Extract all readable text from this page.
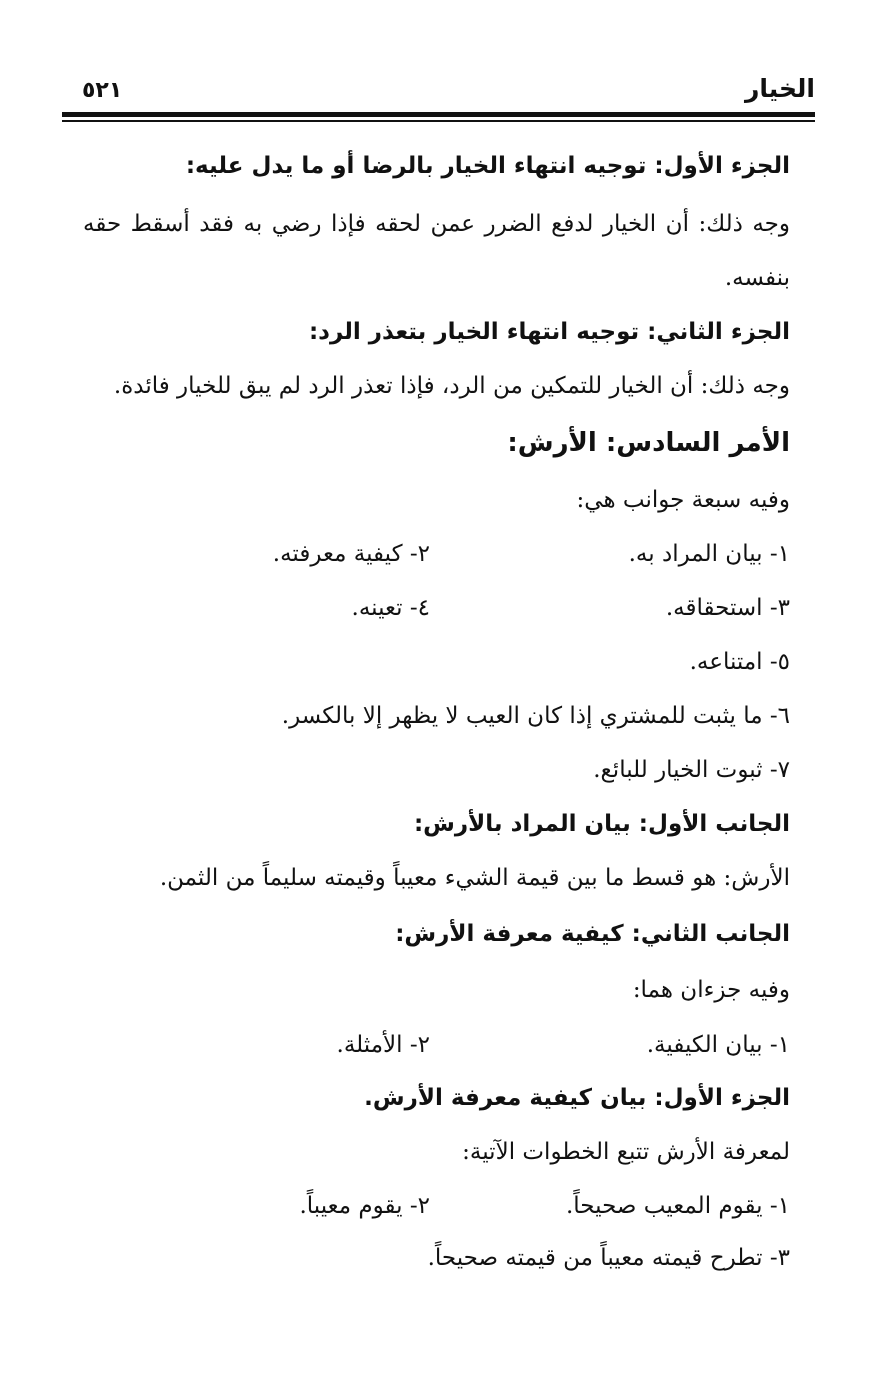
الخيار
٥٢١
الجزء الأول: توجيه انتهاء الخيار بالرضا أو ما يدل عليه:
وجه ذلك: أن الخيار لدفع الضرر عمن لحقه فإذا رضي به فقد أسقط حقه
بنفسه.
الجزء الثاني: توجيه انتهاء الخيار بتعذر الرد:
وجه ذلك: أن الخيار للتمكين من الرد، فإذا تعذر الرد لم يبق للخيار فائدة.
الأمر السادس: الأرش:
وفيه سبعة جوانب هي:
١- بيان المراد به.
٢- كيفية معرفته.
٣- استحقاقه.
٤- تعينه.
٥- امتناعه.
٦- ما يثبت للمشتري إذا كان العيب لا يظهر إلا بالكسر.
٧- ثبوت الخيار للبائع.
الجانب الأول: بيان المراد بالأرش:
الأرش: هو قسط ما بين قيمة الشيء معيباً وقيمته سليماً من الثمن.
الجانب الثاني: كيفية معرفة الأرش:
وفيه جزءان هما:
١- بيان الكيفية.
٢- الأمثلة.
الجزء الأول: بيان كيفية معرفة الأرش.
لمعرفة الأرش تتبع الخطوات الآتية:
١- يقوم المعيب صحيحاً.
٢- يقوم معيباً.
٣- تطرح قيمته معيباً من قيمته صحيحاً.
